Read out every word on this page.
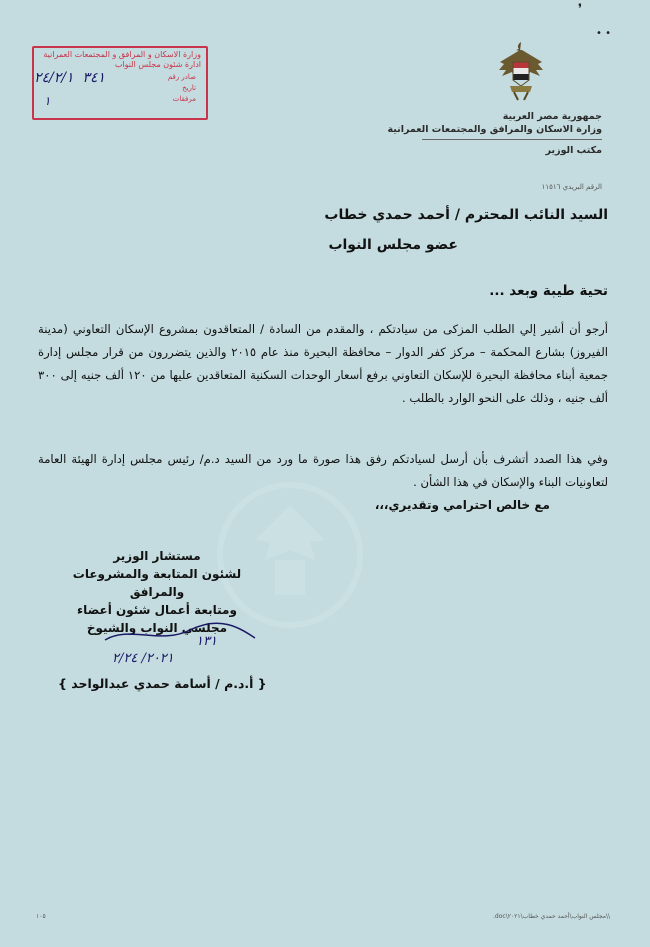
❜
• •
وزارة الاسكان و المرافق و المجتمعات العمرانية
ادارة شئون مجلس النواب
صادر رقم
تاريخ
مرفقات
٣٤١  ٢٤/٢/١
١
جمهورية مصر العربية
وزارة الاسكان والمرافق والمجتمعات العمرانية
مكتب الوزير
الرقم البريدي ١١٥١٦
السيد النائب المحترم / أحمد حمدي خطاب
عضو مجلس النواب
تحية طيبة وبعد ...
أرجو أن أشير إلي الطلب المزكى من سيادتكم ، والمقدم من السادة / المتعاقدون بمشروع الإسكان التعاوني (مدينة الفيروز) بشارع المحكمة – مركز كفر الدوار – محافظة البحيرة منذ عام ٢٠١٥ والذين يتضررون من قرار مجلس إدارة جمعية أبناء محافظة البحيرة للإسكان التعاوني برفع أسعار الوحدات السكنية المتعاقدين عليها من ١٢٠ ألف جنيه إلى ٣٠٠ ألف جنيه ، وذلك على النحو الوارد بالطلب .
وفي هذا الصدد أتشرف بأن أرسل لسيادتكم رفق هذا صورة ما ورد من السيد د.م/ رئيس مجلس إدارة الهيئة العامة لتعاونيات البناء والإسكان في هذا الشأن .
مع خالص احترامي وتقديري،،،
مستشار الوزير
لشئون المتابعة والمشروعات والمرافق
ومتابعة أعمال شئون أعضاء
مجلسي النواب والشيوخ
١٣١
٢٠٢١/ ٢/٢٤
{ أ.د.م / أسامة حمدي عبدالواحد }
١٠٥	\\مجلس النواب\أحمد حمدي خطاب\٢٠٢١\doc.
